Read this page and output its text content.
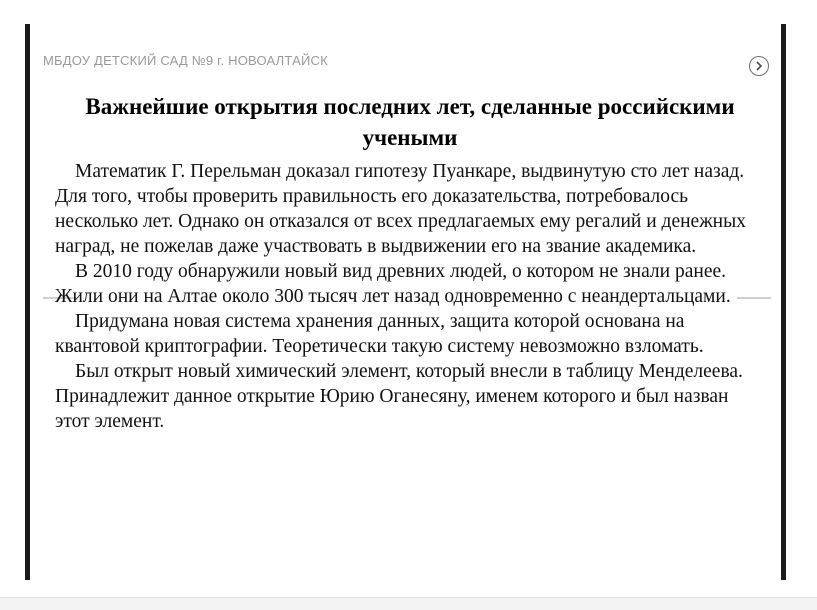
МБДОУ ДЕТСКИЙ САД №9 г. НОВОАЛТАЙСК
Важнейшие открытия последних лет, сделанные российскими учеными

Математик Г. Перельман доказал гипотезу Пуанкаре, выдвинутую сто лет назад. Для того, чтобы проверить правильность его доказательства, потребовалось несколько лет. Однако он отказался от всех предлагаемых ему регалий и денежных наград, не пожелав даже участвовать в выдвижении его на звание академика.

В 2010 году обнаружили новый вид древних людей, о котором не знали ранее. Жили они на Алтае около 300 тысяч лет назад одновременно с неандертальцами.

Придумана новая система хранения данных, защита которой основана на квантовой криптографии. Теоретически такую систему невозможно взломать.

Был открыт новый химический элемент, который внесли в таблицу Менделеева. Принадлежит данное открытие Юрию Оганесяну, именем которого и был назван этот элемент.
